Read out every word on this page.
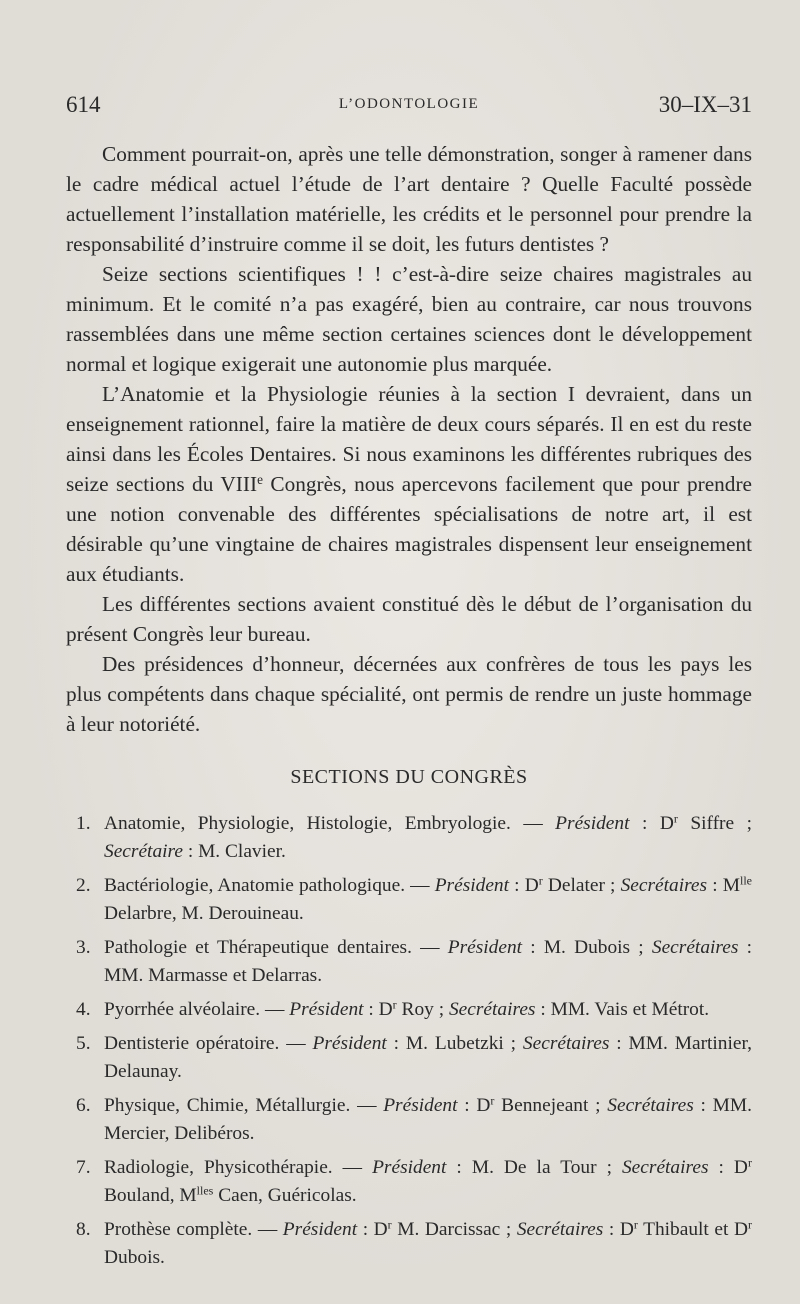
614	L’ODONTOLOGIE	30–IX–31

Comment pourrait-on, après une telle démonstration, songer à ramener dans le cadre médical actuel l’étude de l’art dentaire ? Quelle Faculté possède actuellement l’installation matérielle, les crédits et le personnel pour prendre la responsabilité d’instruire comme il se doit, les futurs dentistes ?

Seize sections scientifiques ! ! c’est-à-dire seize chaires magistrales au minimum. Et le comité n’a pas exagéré, bien au contraire, car nous trouvons rassemblées dans une même section certaines sciences dont le développement normal et logique exigerait une autonomie plus marquée.

L’Anatomie et la Physiologie réunies à la section I devraient, dans un enseignement rationnel, faire la matière de deux cours séparés. Il en est du reste ainsi dans les Écoles Dentaires. Si nous examinons les différentes rubriques des seize sections du VIIIe Congrès, nous apercevons facilement que pour prendre une notion convenable des différentes spécialisations de notre art, il est désirable qu’une vingtaine de chaires magistrales dispensent leur enseignement aux étudiants.

Les différentes sections avaient constitué dès le début de l’organisation du présent Congrès leur bureau.

Des présidences d’honneur, décernées aux confrères de tous les pays les plus compétents dans chaque spécialité, ont permis de rendre un juste hommage à leur notoriété.

SECTIONS DU CONGRÈS
1. Anatomie, Physiologie, Histologie, Embryologie. — Président : $D^r$ Siffre ; Secrétaire : M. Clavier.
2. Bactériologie, Anatomie pathologique. — Président : $D^r$ Delater ; Secrétaires : $M^{lle}$ Delarbre, M. Derouineau.
3. Pathologie et Thérapeutique dentaires. — Président : M. Dubois ; Secrétaires : MM. Marmasse et Delarras.
4. Pyorrhée alvéolaire. — Président : $D^r$ Roy ; Secrétaires : MM. Vais et Métrot.
5. Dentisterie opératoire. — Président : M. Lubetzki ; Secrétaires : MM. Martinier, Delaunay.
6. Physique, Chimie, Métallurgie. — Président : $D^r$ Bennejeant ; Secrétaires : MM. Mercier, Delibéros.
7. Radiologie, Physicothérapie. — Président : M. De la Tour ; Secrétaires : $D^r$ Bouland, $M^{lles}$ Caen, Guéricolas.
8. Prothèse complète. — Président : $D^r$ M. Darcissac ; Secrétaires : $D^r$ Thibault et $D^r$ Dubois.
